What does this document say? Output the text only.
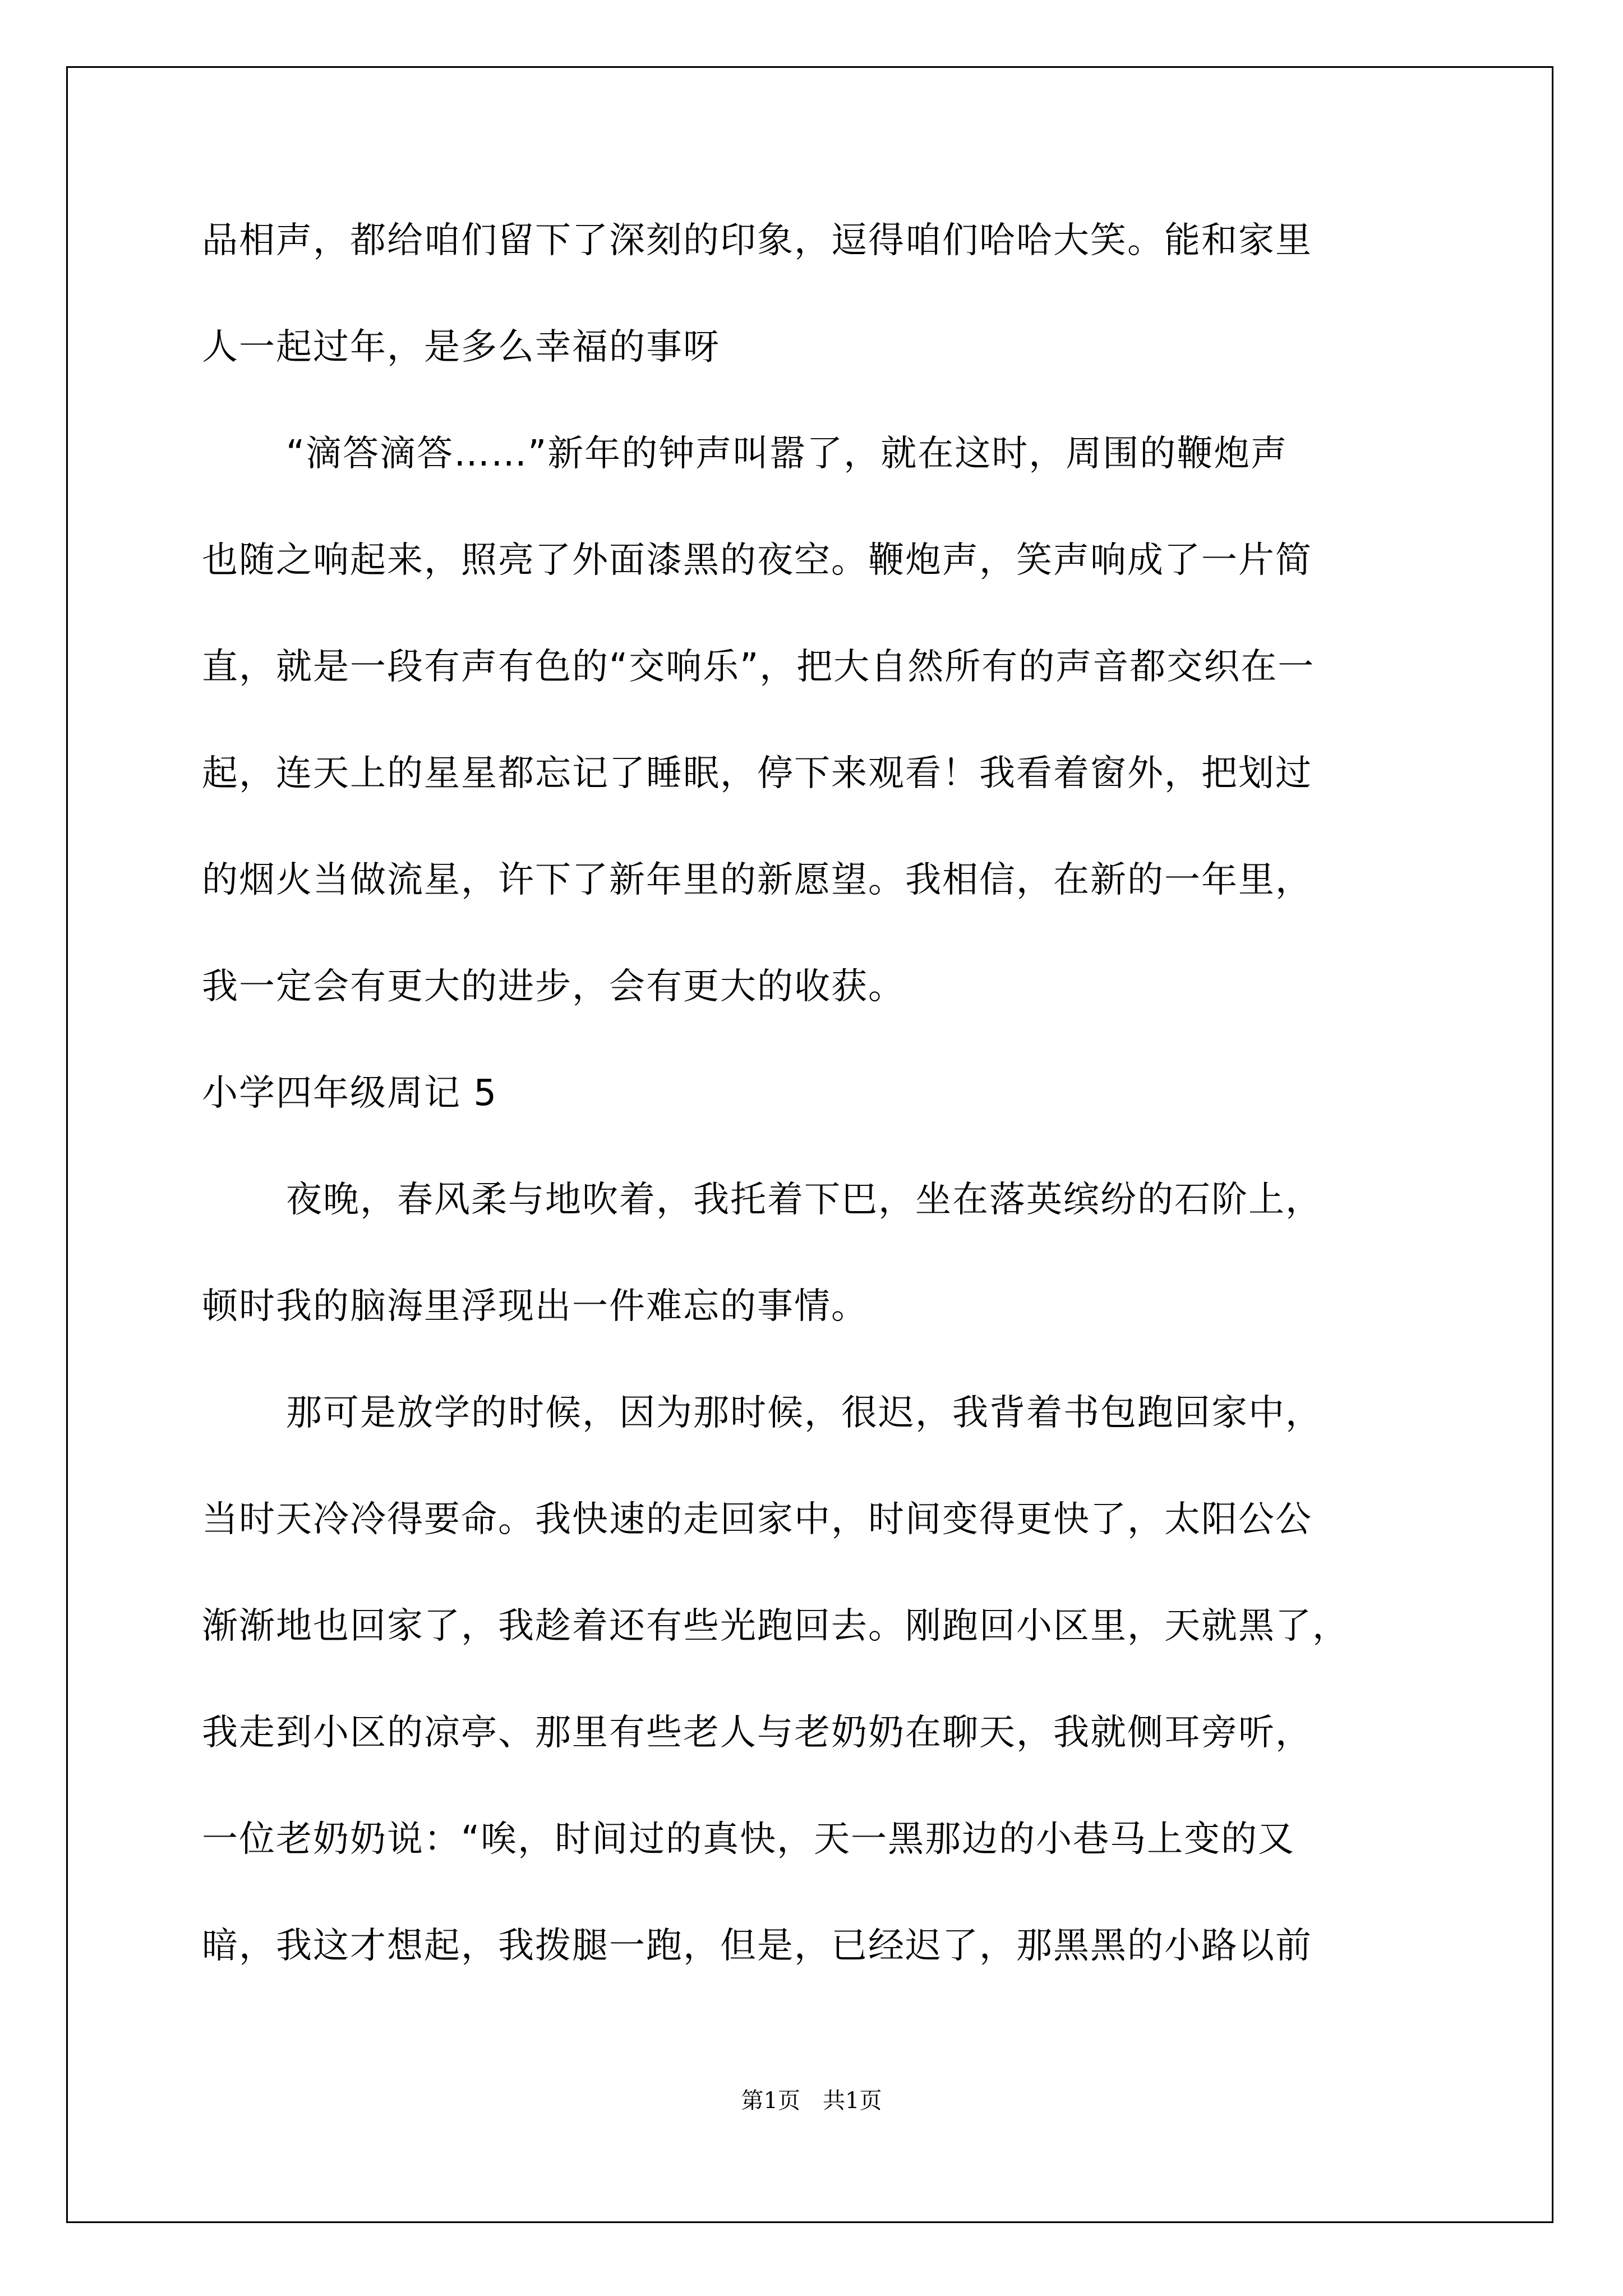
品相声，都给咱们留下了深刻的印象，逗得咱们哈哈大笑。能和家里
人一起过年，是多么幸福的事呀
“滴答滴答……”新年的钟声叫嚣了，就在这时，周围的鞭炮声
也随之响起来，照亮了外面漆黑的夜空。鞭炮声，笑声响成了一片简
直，就是一段有声有色的“交响乐”，把大自然所有的声音都交织在一
起，连天上的星星都忘记了睡眠，停下来观看！我看着窗外，把划过
的烟火当做流星，许下了新年里的新愿望。我相信，在新的一年里，
我一定会有更大的进步，会有更大的收获。
小学四年级周记 5
夜晚，春风柔与地吹着，我托着下巴，坐在落英缤纷的石阶上，
顿时我的脑海里浮现出一件难忘的事情。
那可是放学的时候，因为那时候，很迟，我背着书包跑回家中，
当时天冷冷得要命。我快速的走回家中，时间变得更快了，太阳公公
渐渐地也回家了，我趁着还有些光跑回去。刚跑回小区里，天就黑了，
我走到小区的凉亭、那里有些老人与老奶奶在聊天，我就侧耳旁听，
一位老奶奶说：“唉，时间过的真快，天一黑那边的小巷马上变的又
暗，我这才想起，我拨腿一跑，但是，已经迟了，那黑黑的小路以前
第1页 共1页
